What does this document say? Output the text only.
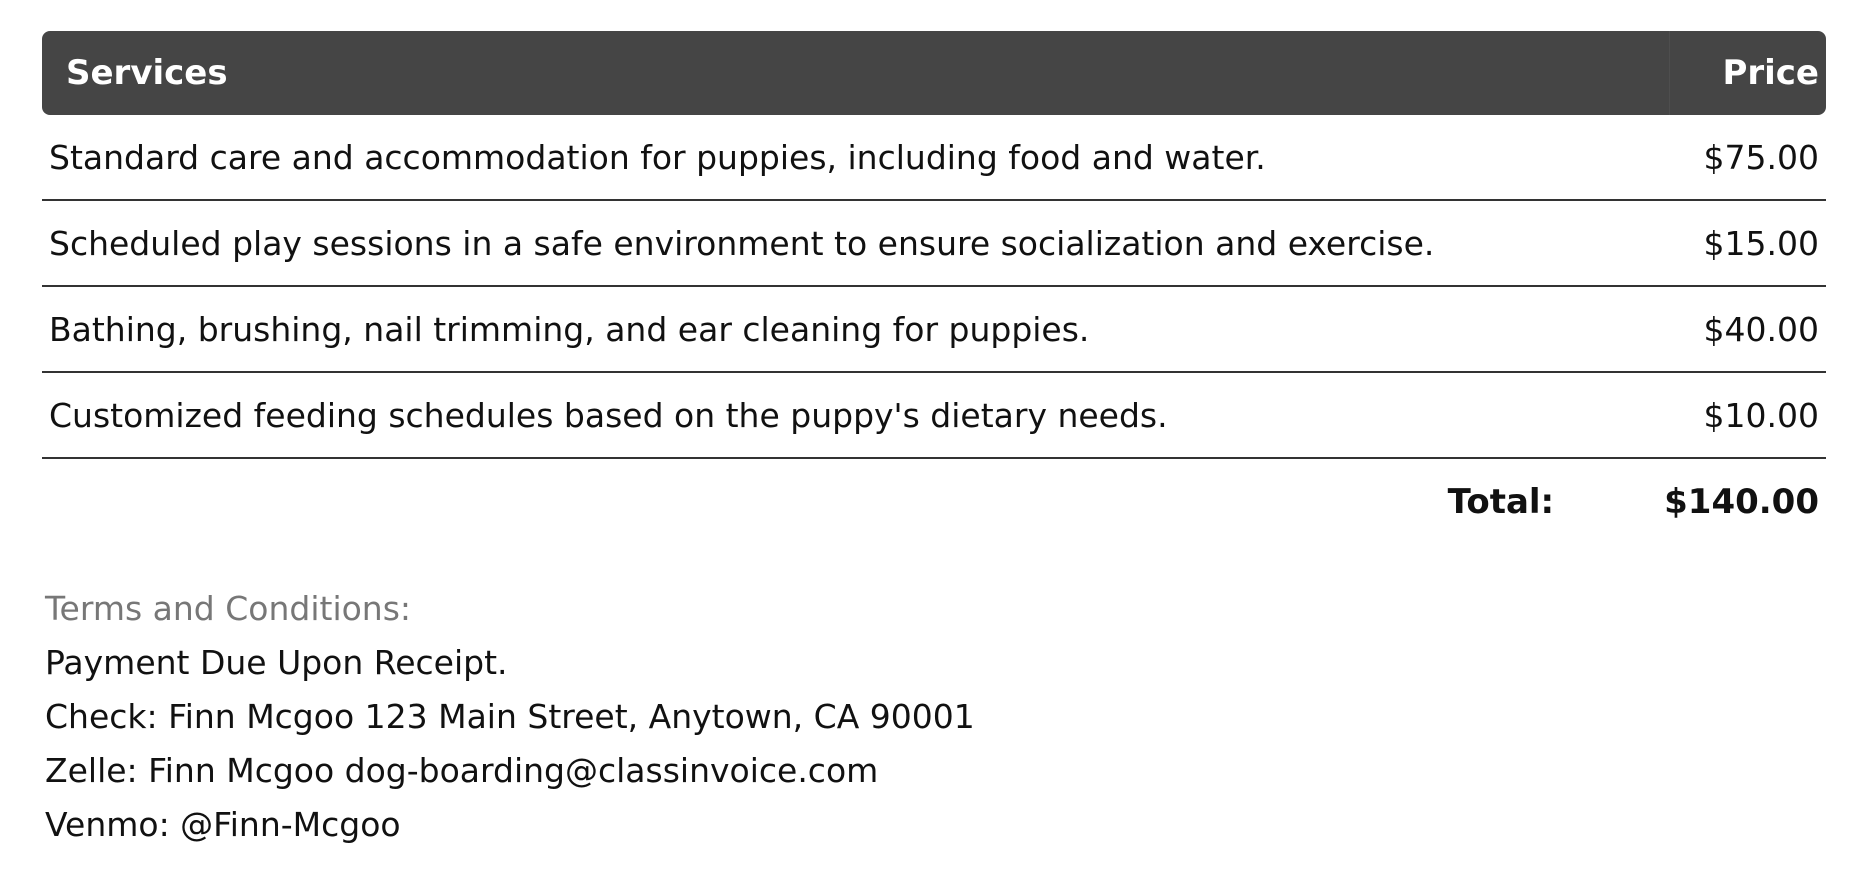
Services	Price
Standard care and accommodation for puppies, including food and water.	$75.00
Scheduled play sessions in a safe environment to ensure socialization and exercise.	$15.00
Bathing, brushing, nail trimming, and ear cleaning for puppies.	$40.00
Customized feeding schedules based on the puppy's dietary needs.	$10.00
Total:	$140.00
Terms and Conditions:
Payment Due Upon Receipt.
Check: Finn Mcgoo 123 Main Street, Anytown, CA 90001
Zelle: Finn Mcgoo dog-boarding@classinvoice.com
Venmo: @Finn-Mcgoo
